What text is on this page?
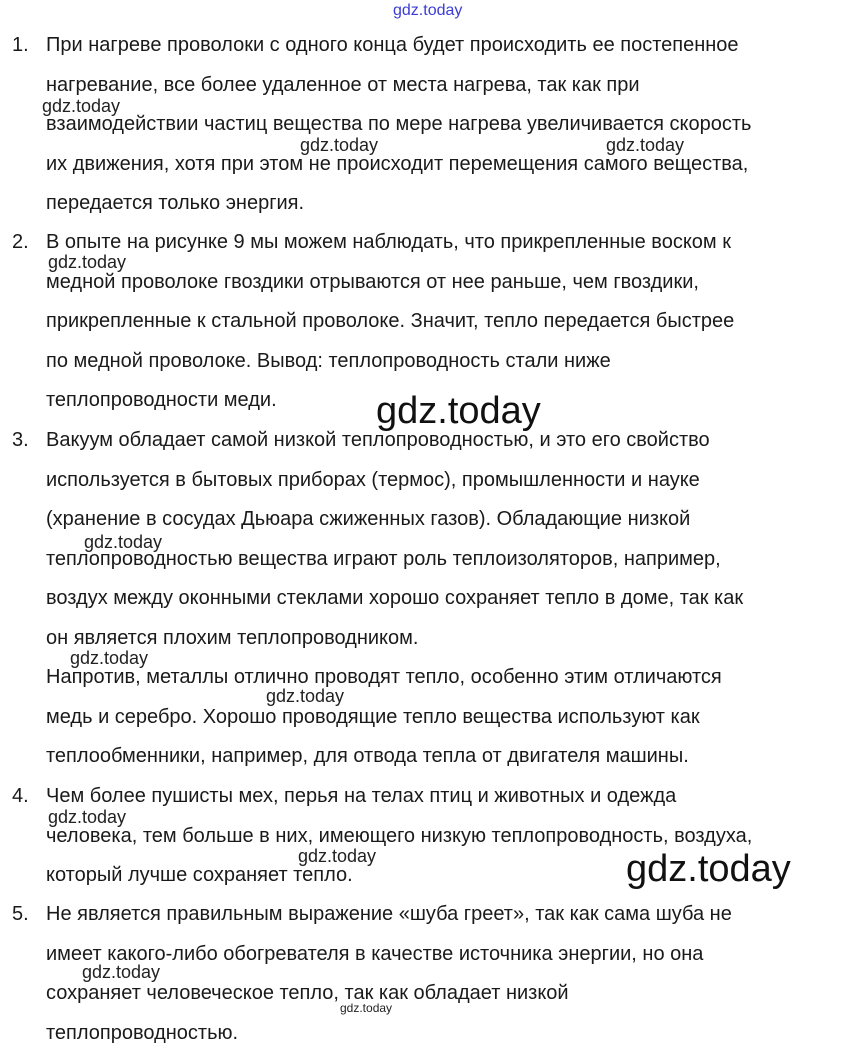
gdz.today
gdz.today
gdz.today	gdz.today
gdz.today
gdz.today
gdz.today
gdz.today
gdz.today
gdz.today
gdz.today	gdz.today
gdz.today
gdz.today
1. При нагреве проволоки с одного конца будет происходить ее постепенное
нагревание, все более удаленное от места нагрева, так как при
взаимодействии частиц вещества по мере нагрева увеличивается скорость
их движения, хотя при этом не происходит перемещения самого вещества,
передается только энергия.
2. В опыте на рисунке 9 мы можем наблюдать, что прикрепленные воском к
медной проволоке гвоздики отрываются от нее раньше, чем гвоздики,
прикрепленные к стальной проволоке. Значит, тепло передается быстрее
по медной проволоке. Вывод: теплопроводность стали ниже
теплопроводности меди.
3. Вакуум обладает самой низкой теплопроводностью, и это его свойство
используется в бытовых приборах (термос), промышленности и науке
(хранение в сосудах Дьюара сжиженных газов). Обладающие низкой
теплопроводностью вещества играют роль теплоизоляторов, например,
воздух между оконными стеклами хорошо сохраняет тепло в доме, так как
он является плохим теплопроводником.
Напротив, металлы отлично проводят тепло, особенно этим отличаются
медь и серебро. Хорошо проводящие тепло вещества используют как
теплообменники, например, для отвода тепла от двигателя машины.
4. Чем более пушисты мех, перья на телах птиц и животных и одежда
человека, тем больше в них, имеющего низкую теплопроводность, воздуха,
который лучше сохраняет тепло.
5. Не является правильным выражение «шуба греет», так как сама шуба не
имеет какого-либо обогревателя в качестве источника энергии, но она
сохраняет человеческое тепло, так как обладает низкой
теплопроводностью.
